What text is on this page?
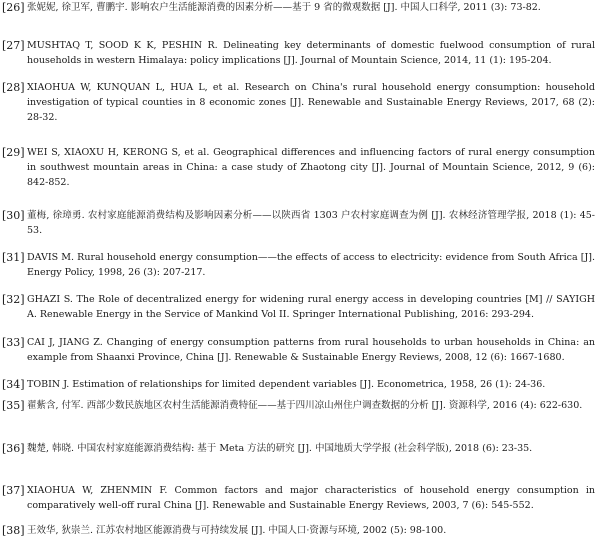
[26] 张妮妮, 徐卫军, 曹鹏宇. 影响农户生活能源消费的因素分析——基于 9 省的微观数据 [J]. 中国人口科学, 2011 (3): 73-82.
[27] MUSHTAQ T, SOOD K K, PESHIN R. Delineating key determinants of domestic fuelwood consumption of rural households in western Himalaya: policy implications [J]. Journal of Mountain Science, 2014, 11 (1): 195-204.
[28] XIAOHUA W, KUNQUAN L, HUA L, et al. Research on China's rural household energy consumption: household investigation of typical counties in 8 economic zones [J]. Renewable and Sustainable Energy Reviews, 2017, 68 (2): 28-32.
[29] WEI S, XIAOXU H, KERONG S, et al. Geographical differences and influencing factors of rural energy consumption in southwest mountain areas in China: a case study of Zhaotong city [J]. Journal of Mountain Science, 2012, 9 (6): 842-852.
[30] 董梅, 徐璋勇. 农村家庭能源消费结构及影响因素分析——以陕西省 1303 户农村家庭调查为例 [J]. 农林经济管理学报, 2018 (1): 45-53.
[31] DAVIS M. Rural household energy consumption——the effects of access to electricity: evidence from South Africa [J]. Energy Policy, 1998, 26 (3): 207-217.
[32] GHAZI S. The Role of decentralized energy for widening rural energy access in developing countries [M] // SAYIGH A. Renewable Energy in the Service of Mankind Vol II. Springer International Publishing, 2016: 293-294.
[33] CAI J, JIANG Z. Changing of energy consumption patterns from rural households to urban households in China: an example from Shaanxi Province, China [J]. Renewable & Sustainable Energy Reviews, 2008, 12 (6): 1667-1680.
[34] TOBIN J. Estimation of relationships for limited dependent variables [J]. Econometrica, 1958, 26 (1): 24-36.
[35] 翟紫含, 付军. 西部少数民族地区农村生活能源消费特征——基于四川凉山州住户调查数据的分析 [J]. 资源科学, 2016 (4): 622-630.
[36] 魏楚, 韩晓. 中国农村家庭能源消费结构: 基于 Meta 方法的研究 [J]. 中国地质大学学报 (社会科学版), 2018 (6): 23-35.
[37] XIAOHUA W, ZHENMIN F. Common factors and major characteristics of household energy consumption in comparatively well-off rural China [J]. Renewable and Sustainable Energy Reviews, 2003, 7 (6): 545-552.
[38] 王效华, 狄崇兰. 江苏农村地区能源消费与可持续发展 [J]. 中国人口·资源与环境, 2002 (5): 98-100.
